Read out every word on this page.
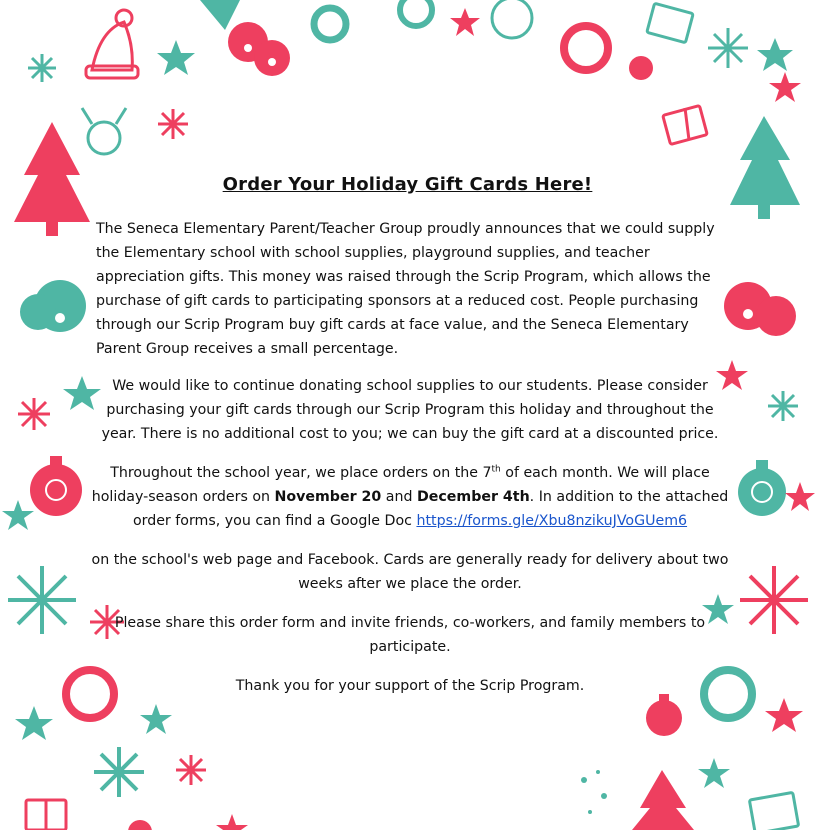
Order Your Holiday Gift Cards Here!
The Seneca Elementary Parent/Teacher Group proudly announces that we could supply the Elementary school with school supplies, playground supplies, and teacher appreciation gifts. This money was raised through the Scrip Program, which allows the purchase of gift cards to participating sponsors at a reduced cost. People purchasing through our Scrip Program buy gift cards at face value, and the Seneca Elementary Parent Group receives a small percentage.
We would like to continue donating school supplies to our students. Please consider purchasing your gift cards through our Scrip Program this holiday and throughout the year. There is no additional cost to you; we can buy the gift card at a discounted price.
Throughout the school year, we place orders on the 7th of each month. We will place holiday-season orders on November 20 and December 4th. In addition to the attached order forms, you can find a Google Doc https://forms.gle/Xbu8nzikuJVoGUem6
on the school's web page and Facebook. Cards are generally ready for delivery about two weeks after we place the order.
Please share this order form and invite friends, co-workers, and family members to participate.
Thank you for your support of the Scrip Program.
